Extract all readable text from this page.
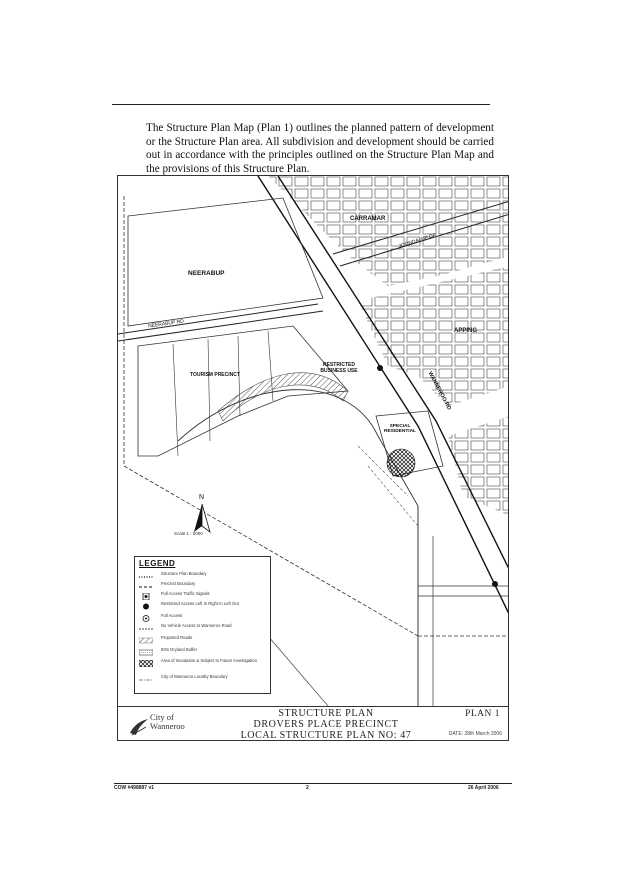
The Structure Plan Map (Plan 1) outlines the planned pattern of development or the Structure Plan area. All subdivision and development should be carried out in accordance with the principles outlined on the Structure Plan Map and the provisions of this Structure Plan.

NEERABUP
CARRAMAR
APPING
TOURISM PRECINCT
RESTRICTED BUSINESS USE
SPECIAL RESIDENTIAL
WANNEROO RD
JOONDALUP DR
NEERABUP RD
N
Scale 1 : 5000
LEGEND
Structure Plan Boundary
Precinct Boundary
Full Access Traffic Signals
Restricted Access Left In Right In Left Out
Full Access
No Vehicle Access to Wanneroo Road
Proposed Roads
50m Dryland Buffer
Area of Inundation & Subject to Future Investigation
City of Wanneroo Locality Boundary
City of
Wanneroo
STRUCTURE PLAN
DROVERS PLACE PRECINCT
LOCAL STRUCTURE PLAN NO: 47
PLAN 1
DATE: 28th March 2006
COW #498897 v1	2	26 April 2006
